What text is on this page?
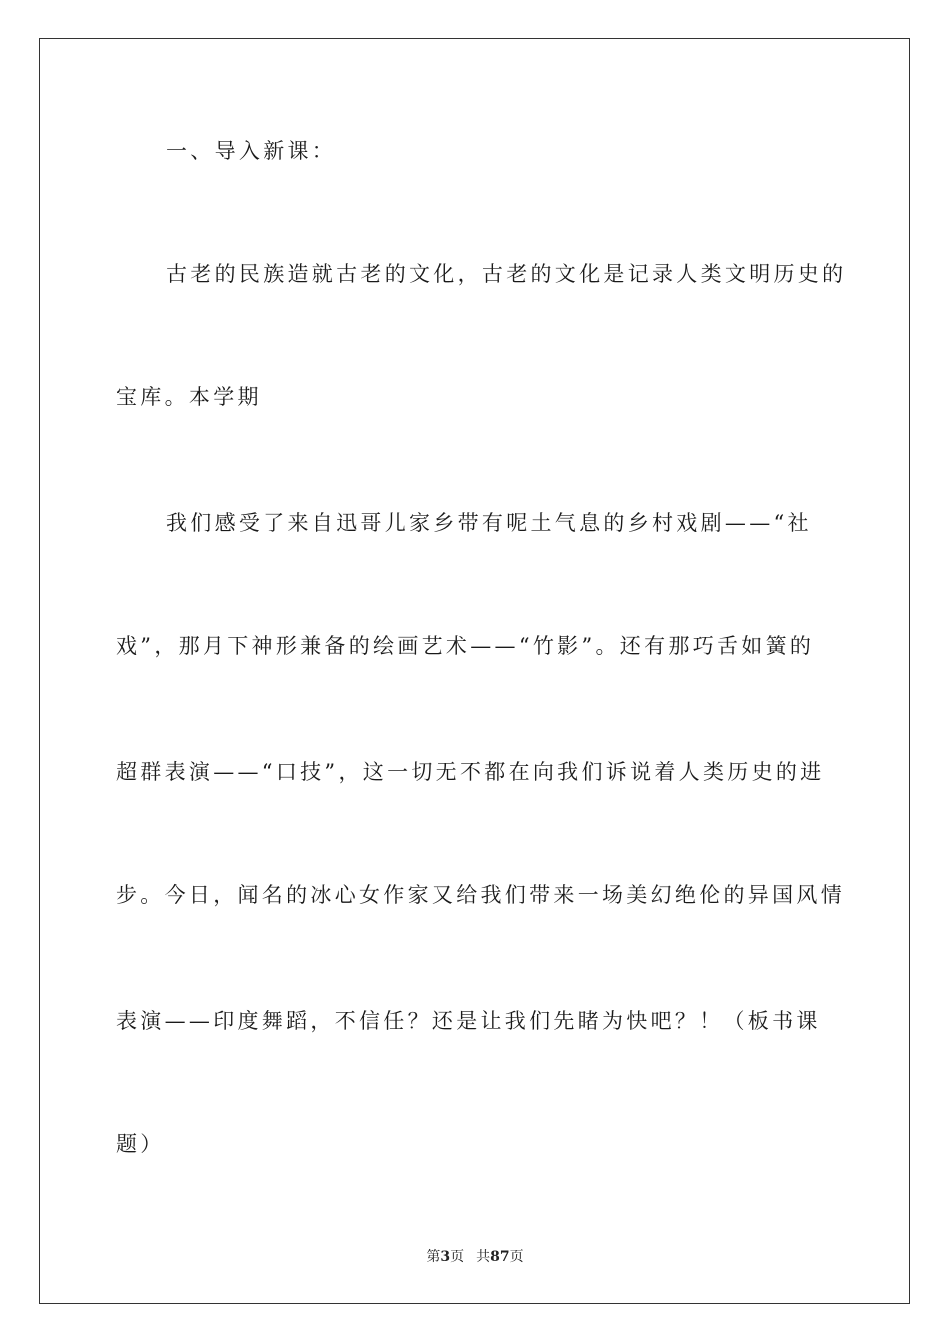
一、导入新课：
古老的民族造就古老的文化，古老的文化是记录人类文明历史的
宝库。本学期
我们感受了来自迅哥儿家乡带有呢土气息的乡村戏剧——“社
戏”，那月下神形兼备的绘画艺术——“竹影”。还有那巧舌如簧的
超群表演——“口技”，这一切无不都在向我们诉说着人类历史的进
步。今日，闻名的冰心女作家又给我们带来一场美幻绝伦的异国风情
表演——印度舞蹈，不信任？还是让我们先睹为快吧？！（板书课
题）
第3页 共87页
